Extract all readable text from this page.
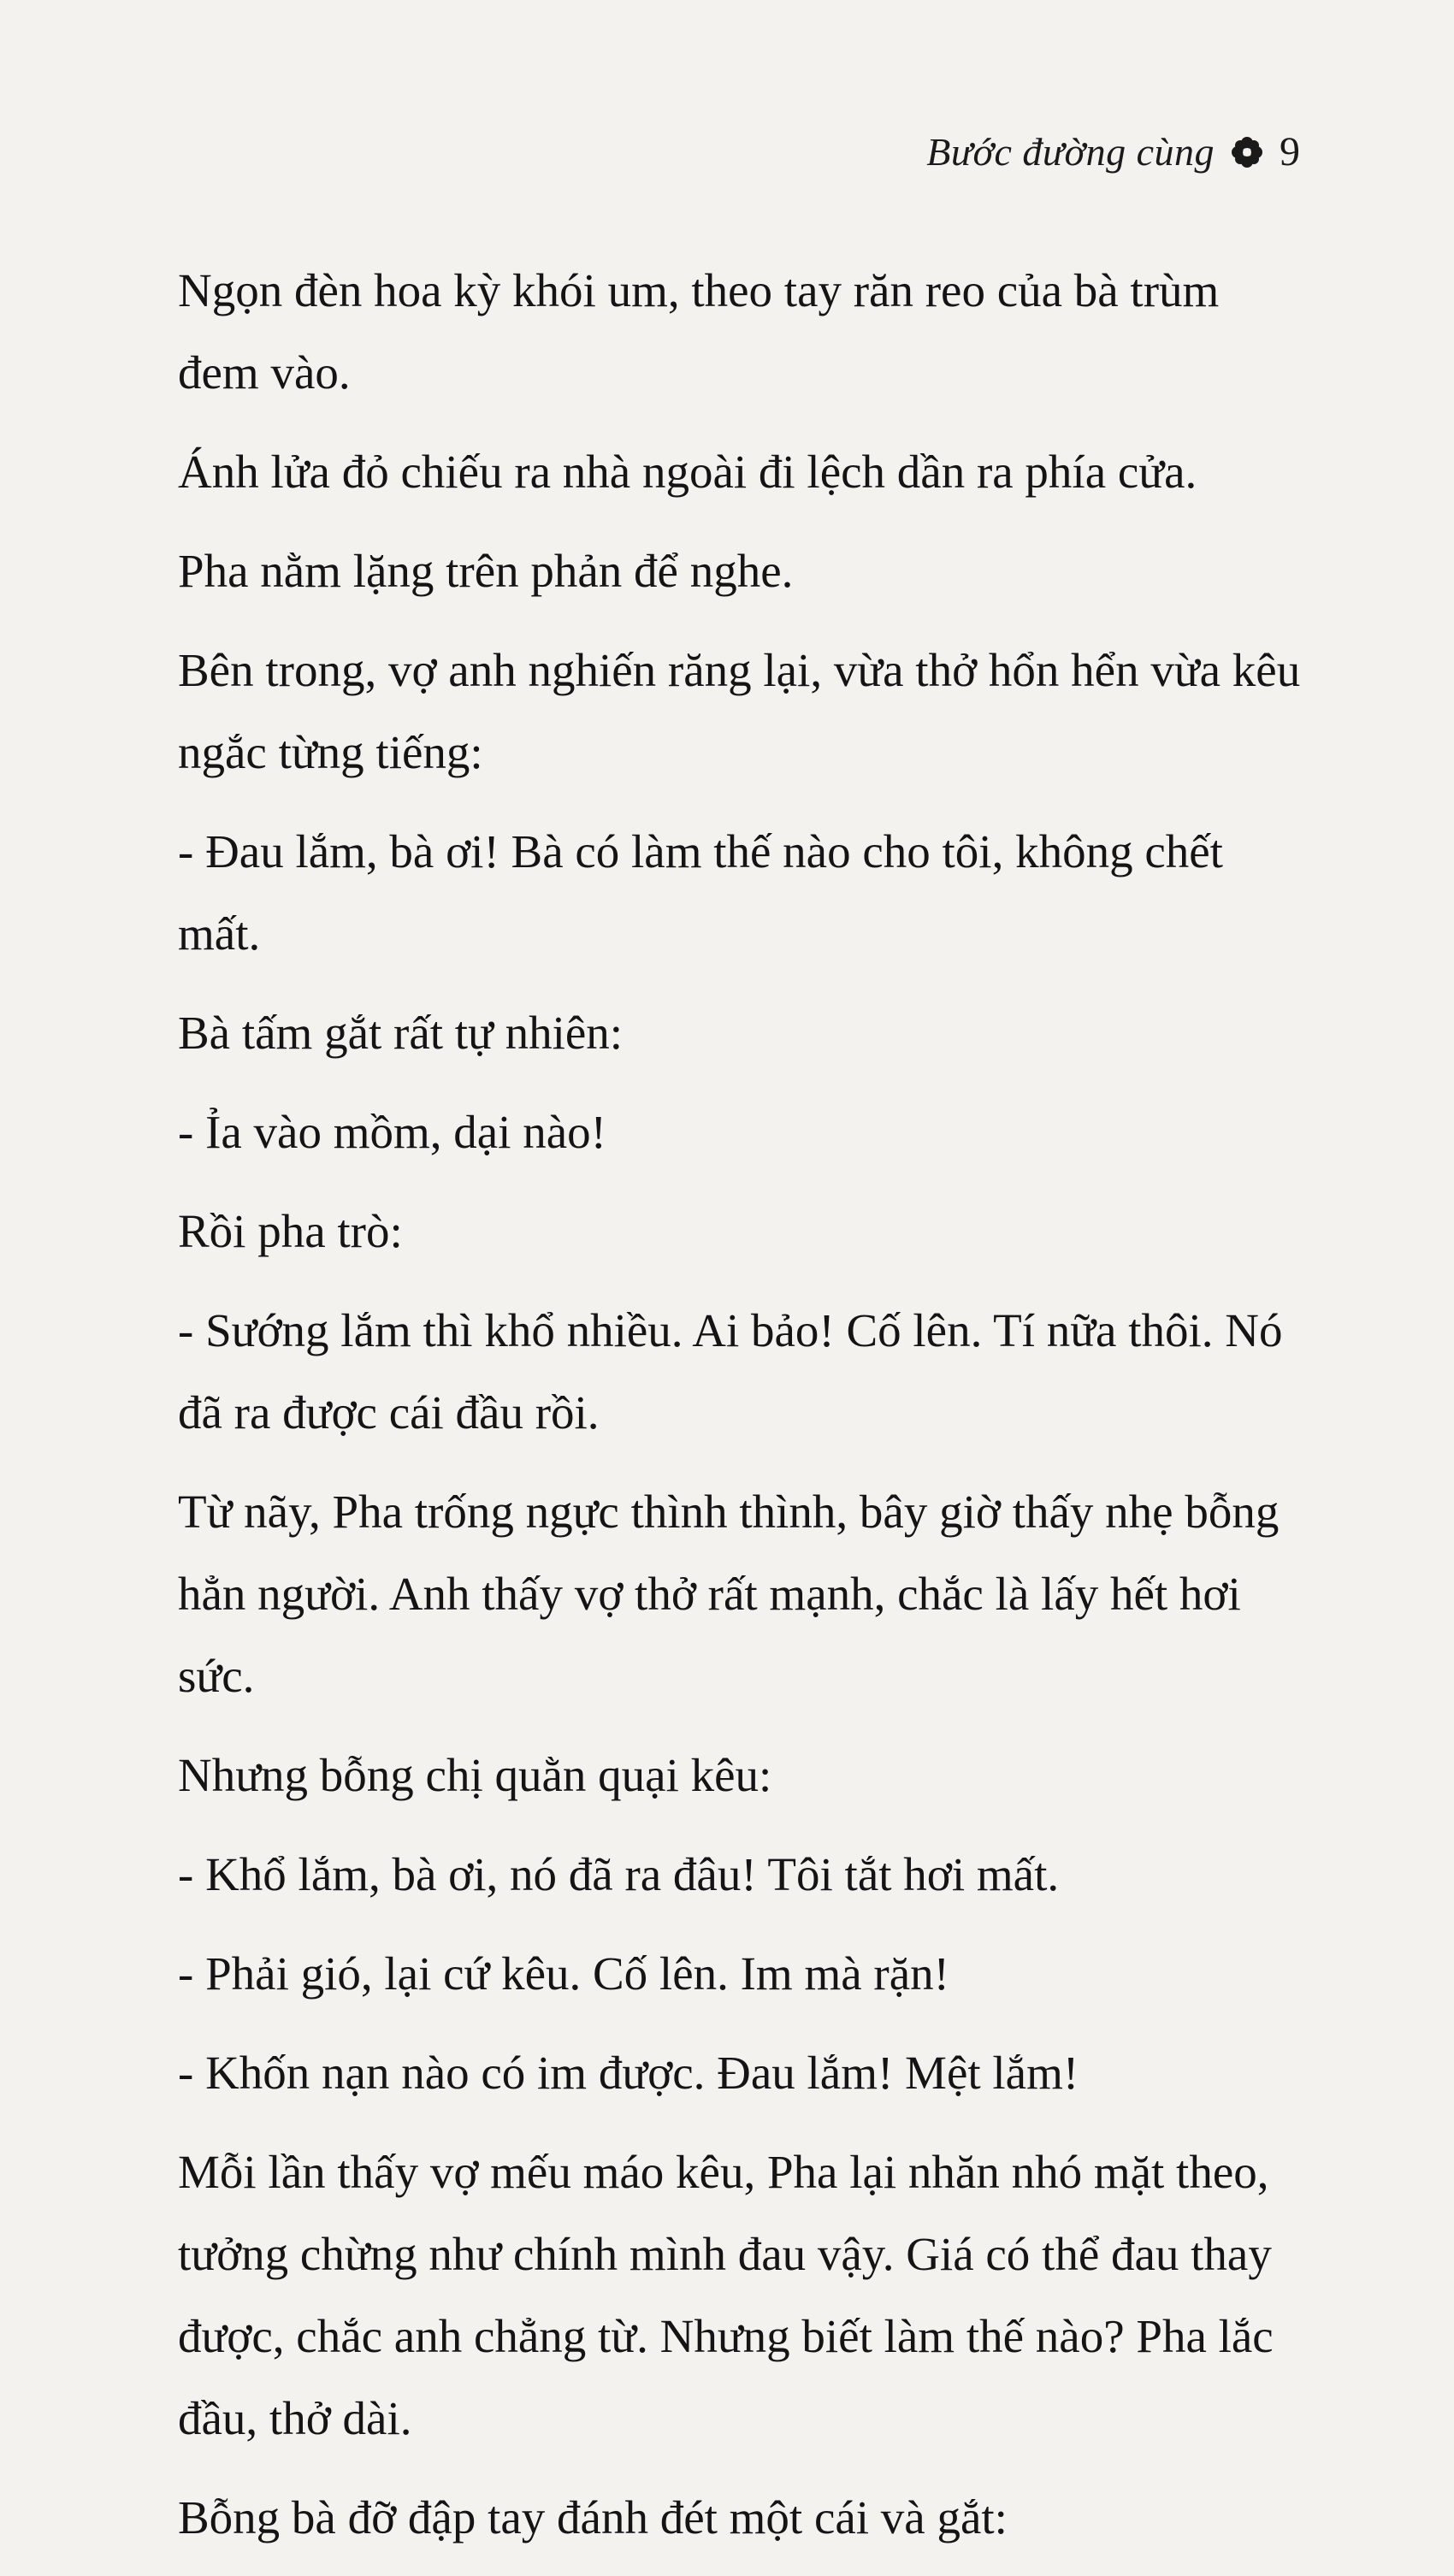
Bước đường cùng 9

Ngọn đèn hoa kỳ khói um, theo tay răn reo của bà trùm đem vào.

Ánh lửa đỏ chiếu ra nhà ngoài đi lệch dần ra phía cửa.

Pha nằm lặng trên phản để nghe.

Bên trong, vợ anh nghiến răng lại, vừa thở hổn hển vừa kêu ngắc từng tiếng:

- Đau lắm, bà ơi! Bà có làm thế nào cho tôi, không chết mất.

Bà tấm gắt rất tự nhiên:

- Ỉa vào mồm, dại nào!

Rồi pha trò:

- Sướng lắm thì khổ nhiều. Ai bảo! Cố lên. Tí nữa thôi. Nó đã ra được cái đầu rồi.

Từ nãy, Pha trống ngực thình thình, bây giờ thấy nhẹ bỗng hẳn người. Anh thấy vợ thở rất mạnh, chắc là lấy hết hơi sức.

Nhưng bỗng chị quằn quại kêu:

- Khổ lắm, bà ơi, nó đã ra đâu! Tôi tắt hơi mất.

- Phải gió, lại cứ kêu. Cố lên. Im mà rặn!

- Khốn nạn nào có im được. Đau lắm! Mệt lắm!

Mỗi lần thấy vợ mếu máo kêu, Pha lại nhăn nhó mặt theo, tưởng chừng như chính mình đau vậy. Giá có thể đau thay được, chắc anh chẳng từ. Nhưng biết làm thế nào? Pha lắc đầu, thở dài.

Bỗng bà đỡ đập tay đánh đét một cái và gắt:
